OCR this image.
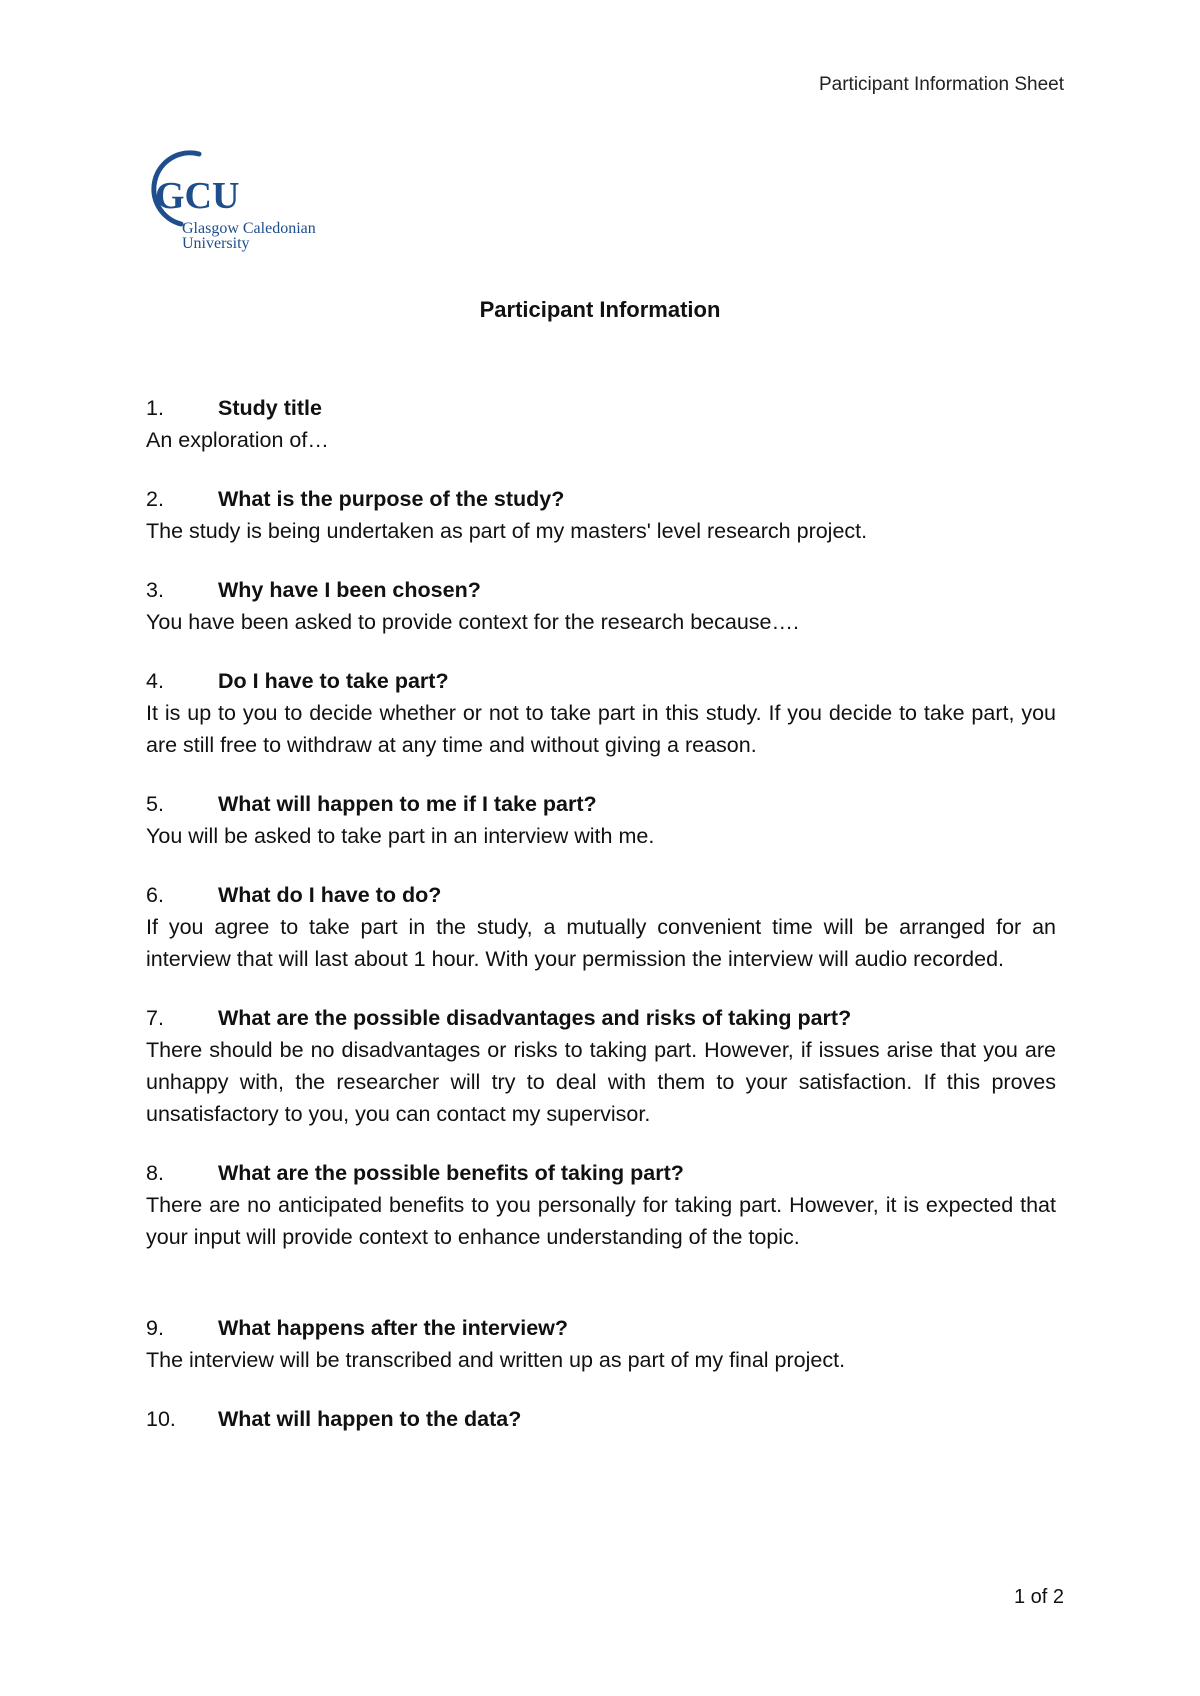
Participant Information Sheet
GCU
Glasgow Caledonian
University
Participant Information
1.	Study title
An exploration of…
2.	What is the purpose of the study?
The study is being undertaken as part of my masters' level research project.
3.	Why have I been chosen?
You have been asked to provide context for the research because….
4.	Do I have to take part?
It is up to you to decide whether or not to take part in this study. If you decide to take part, you are still free to withdraw at any time and without giving a reason.
5.	What will happen to me if I take part?
You will be asked to take part in an interview with me.
6.	What do I have to do?
If you agree to take part in the study, a mutually convenient time will be arranged for an interview that will last about 1 hour. With your permission the interview will audio recorded.
7.	What are the possible disadvantages and risks of taking part?
There should be no disadvantages or risks to taking part. However, if issues arise that you are unhappy with, the researcher will try to deal with them to your satisfaction. If this proves unsatisfactory to you, you can contact my supervisor.
8.	What are the possible benefits of taking part?
There are no anticipated benefits to you personally for taking part. However, it is expected that your input will provide context to enhance understanding of the topic.
9.	What happens after the interview?
The interview will be transcribed and written up as part of my final project.
10.	What will happen to the data?
1 of 2
